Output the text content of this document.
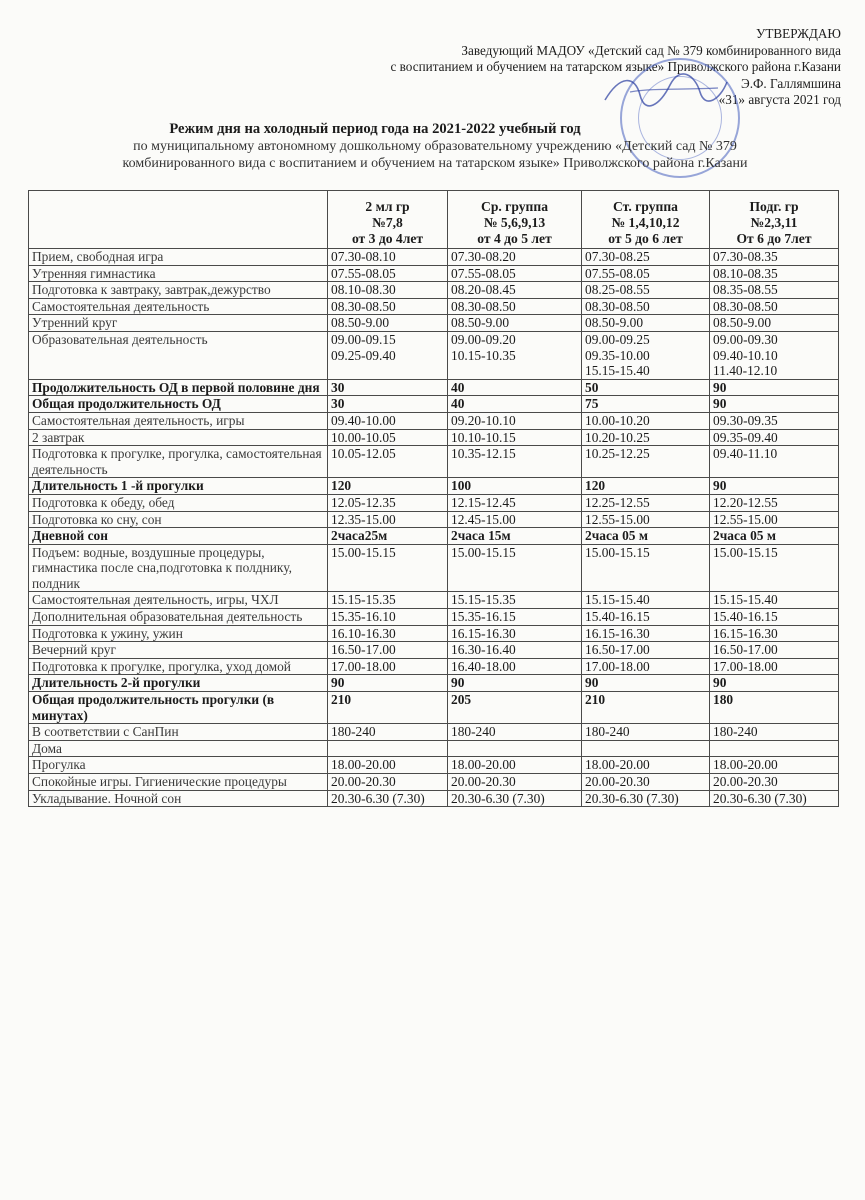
УТВЕРЖДАЮ
Заведующий МАДОУ «Детский сад № 379 комбинированного вида
с воспитанием и обучением на татарском языке» Приволжского района г.Казани
Э.Ф. Галлямшина
«31» августа 2021 год
Режим дня на холодный период года на 2021-2022 учебный год
по муниципальному автономному дошкольному образовательному учреждению «Детский сад № 379
комбинированного вида с воспитанием и обучением на татарском языке» Приволжского района г.Казани

	2 мл гр
№7,8
от 3 до 4лет	Ср. группа
№ 5,6,9,13
от 4 до 5 лет	Ст. группа
№ 1,4,10,12
от 5 до 6 лет	Подг. гр
№2,3,11
От 6 до 7лет

Прием, свободная игра	07.30-08.10	07.30-08.20	07.30-08.25	07.30-08.35

Утренняя гимнастика	07.55-08.05	07.55-08.05	07.55-08.05	08.10-08.35

Подготовка к завтраку, завтрак,дежурство	08.10-08.30	08.20-08.45	08.25-08.55	08.35-08.55

Самостоятельная деятельность	08.30-08.50	08.30-08.50	08.30-08.50	08.30-08.50

Утренний круг	08.50-9.00	08.50-9.00	08.50-9.00	08.50-9.00

Образовательная деятельность	09.00-09.15
09.25-09.40	09.00-09.20
10.15-10.35	09.00-09.25
09.35-10.00
15.15-15.40	09.00-09.30
09.40-10.10
11.40-12.10

Продолжительность ОД в первой половине дня	30	40	50	90

Общая продолжительность ОД	30	40	75	90

Самостоятельная деятельность, игры	09.40-10.00	09.20-10.10	10.00-10.20	09.30-09.35

2 завтрак	10.00-10.05	10.10-10.15	10.20-10.25	09.35-09.40

Подготовка к прогулке, прогулка, самостоятельная деятельность	10.05-12.05	10.35-12.15	10.25-12.25	09.40-11.10

Длительность 1 -й прогулки	120	100	120	90

Подготовка к обеду, обед	12.05-12.35	12.15-12.45	12.25-12.55	12.20-12.55

Подготовка ко сну, сон	12.35-15.00	12.45-15.00	12.55-15.00	12.55-15.00

Дневной сон	2часа25м	2часа 15м	2часа 05 м	2часа 05 м

Подъем: водные, воздушные процедуры, гимнастика после сна,подготовка к полднику, полдник	15.00-15.15	15.00-15.15	15.00-15.15	15.00-15.15

Самостоятельная деятельность, игры, ЧХЛ	15.15-15.35	15.15-15.35	15.15-15.40	15.15-15.40

Дополнительная образовательная деятельность	15.35-16.10	15.35-16.15	15.40-16.15	15.40-16.15

Подготовка к ужину, ужин	16.10-16.30	16.15-16.30	16.15-16.30	16.15-16.30

Вечерний круг	16.50-17.00	16.30-16.40	16.50-17.00	16.50-17.00

Подготовка к прогулке, прогулка, уход домой	17.00-18.00	16.40-18.00	17.00-18.00	17.00-18.00

Длительность 2-й прогулки	90	90	90	90

Общая продолжительность прогулки (в минутах)	210	205	210	180

В соответствии с СанПин	180-240	180-240	180-240	180-240

Дома	

Прогулка	18.00-20.00	18.00-20.00	18.00-20.00	18.00-20.00

Спокойные игры. Гигиенические процедуры	20.00-20.30	20.00-20.30	20.00-20.30	20.00-20.30

Укладывание. Ночной сон	20.30-6.30 (7.30)	20.30-6.30 (7.30)	20.30-6.30 (7.30)	20.30-6.30 (7.30)
